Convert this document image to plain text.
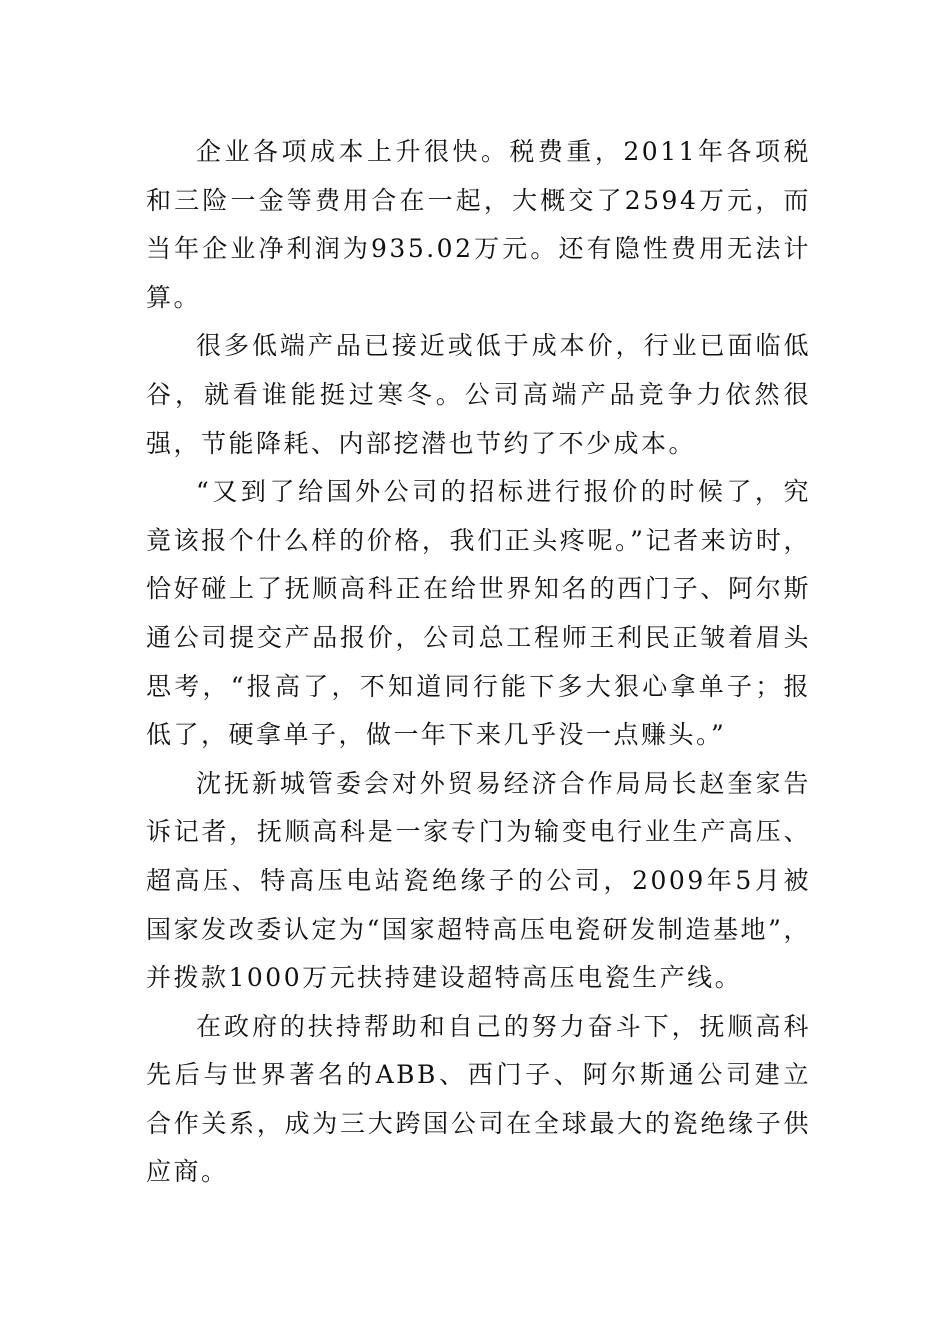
企业各项成本上升很快。税费重，2011年各项税和三险一金等费用合在一起，大概交了2594万元，而当年企业净利润为935.02万元。还有隐性费用无法计算。

很多低端产品已接近或低于成本价，行业已面临低谷，就看谁能挺过寒冬。公司高端产品竞争力依然很强，节能降耗、内部挖潜也节约了不少成本。

“又到了给国外公司的招标进行报价的时候了，究竟该报个什么样的价格，我们正头疼呢。”记者来访时，恰好碰上了抚顺高科正在给世界知名的西门子、阿尔斯通公司提交产品报价，公司总工程师王利民正皱着眉头思考，“报高了，不知道同行能下多大狠心拿单子；报低了，硬拿单子，做一年下来几乎没一点赚头。”

沈抚新城管委会对外贸易经济合作局局长赵奎家告诉记者，抚顺高科是一家专门为输变电行业生产高压、超高压、特高压电站瓷绝缘子的公司，2009年5月被国家发改委认定为“国家超特高压电瓷研发制造基地”，并拨款1000万元扶持建设超特高压电瓷生产线。

在政府的扶持帮助和自己的努力奋斗下，抚顺高科先后与世界著名的ABB、西门子、阿尔斯通公司建立合作关系，成为三大跨国公司在全球最大的瓷绝缘子供应商。
